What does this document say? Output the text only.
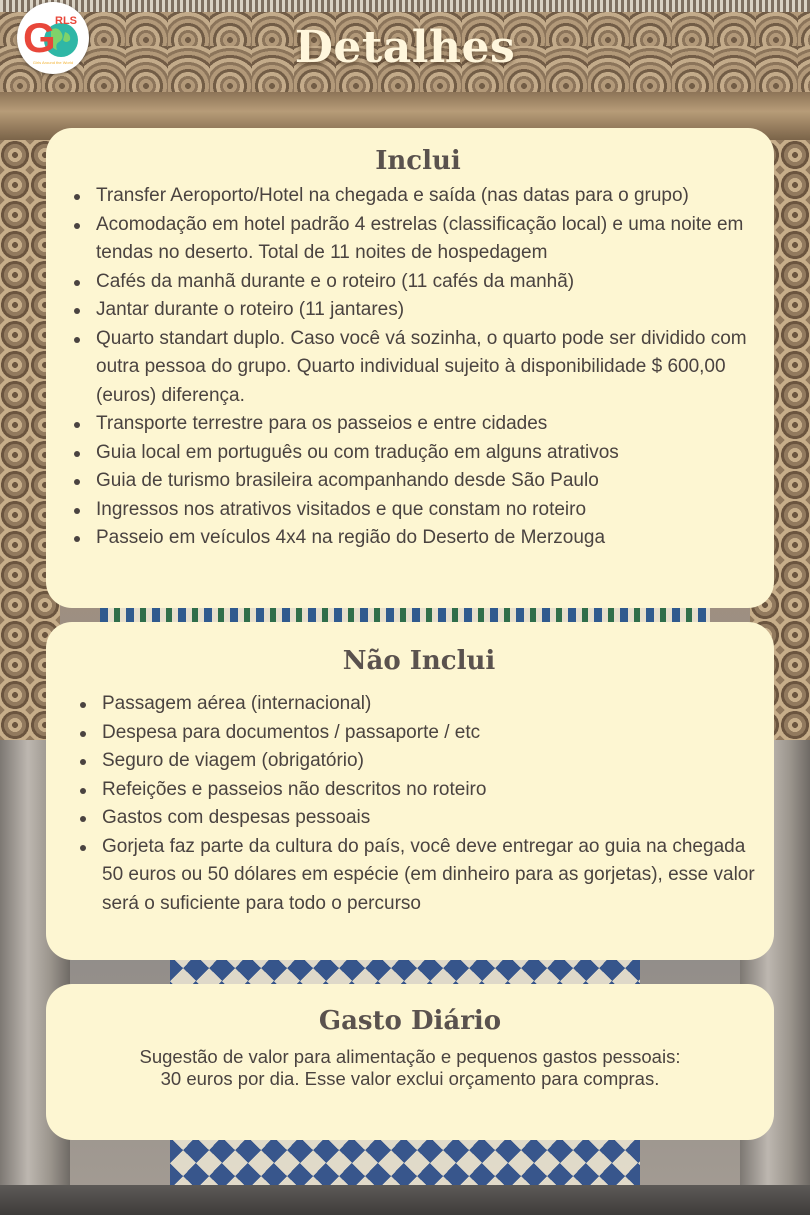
G RLS
Girls Around the World	Detalhes
Inclui
Transfer Aeroporto/Hotel na chegada e saída (nas datas para o grupo)
Acomodação em hotel padrão 4 estrelas (classificação local) e uma noite em tendas no deserto. Total de 11 noites de hospedagem
Cafés da manhã durante e o roteiro (11 cafés da manhã)
Jantar durante o roteiro (11 jantares)
Quarto standart duplo. Caso você vá sozinha, o quarto pode ser dividido com outra pessoa do grupo. Quarto individual sujeito à disponibilidade $ 600,00 (euros) diferença.
Transporte terrestre para os passeios e entre cidades
Guia local em português ou com tradução em alguns atrativos
Guia de turismo brasileira acompanhando desde São Paulo
Ingressos nos atrativos visitados e que constam no roteiro
Passeio em veículos 4x4 na região do Deserto de Merzouga
Não Inclui
Passagem aérea (internacional)
Despesa para documentos / passaporte / etc
Seguro de viagem (obrigatório)
Refeições e passeios não descritos no roteiro
Gastos com despesas pessoais
Gorjeta faz parte da cultura do país, você deve entregar ao guia na chegada 50 euros ou 50 dólares em espécie (em dinheiro para as gorjetas), esse valor será o suficiente para todo o percurso
Gasto Diário

Sugestão de valor para alimentação e pequenos gastos pessoais:

30 euros por dia. Esse valor exclui orçamento para compras.
